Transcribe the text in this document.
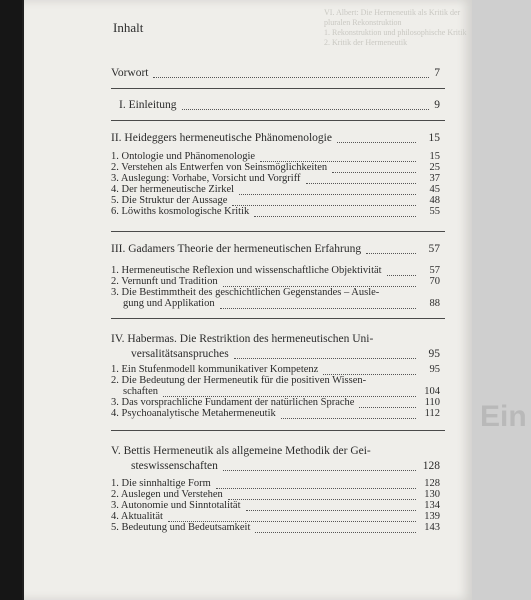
Ein
VI. Albert: Die Hermeneutik als Kritik der
pluralen Rekonstruktion
1. Rekonstruktion und philosophische Kritik
2. Kritik der Hermeneutik
Inhalt
Vorwort	7
I. Einleitung	9
II. Heideggers hermeneutische Phänomenologie	15
1. Ontologie und Phänomenologie	15
2. Verstehen als Entwerfen von Seinsmöglichkeiten	25
3. Auslegung: Vorhabe, Vorsicht und Vorgriff	37
4. Der hermeneutische Zirkel	45
5. Die Struktur der Aussage	48
6. Löwiths kosmologische Kritik	55
III. Gadamers Theorie der hermeneutischen Erfahrung	57
1. Hermeneutische Reflexion und wissenschaftliche Objektivität	57
2. Vernunft und Tradition	70
3. Die Bestimmtheit des geschichtlichen Gegenstandes – Ausle-
gung und Applikation	88
IV. Habermas. Die Restriktion des hermeneutischen Uni-
versalitätsanspruches	95
1. Ein Stufenmodell kommunikativer Kompetenz	95
2. Die Bedeutung der Hermeneutik für die positiven Wissen-
schaften	104
3. Das vorsprachliche Fundament der natürlichen Sprache	110
4. Psychoanalytische Metahermeneutik	112
V. Bettis Hermeneutik als allgemeine Methodik der Gei-
steswissenschaften	128
1. Die sinnhaltige Form	128
2. Auslegen und Verstehen	130
3. Autonomie und Sinntotalität	134
4. Aktualität	139
5. Bedeutung und Bedeutsamkeit	143
